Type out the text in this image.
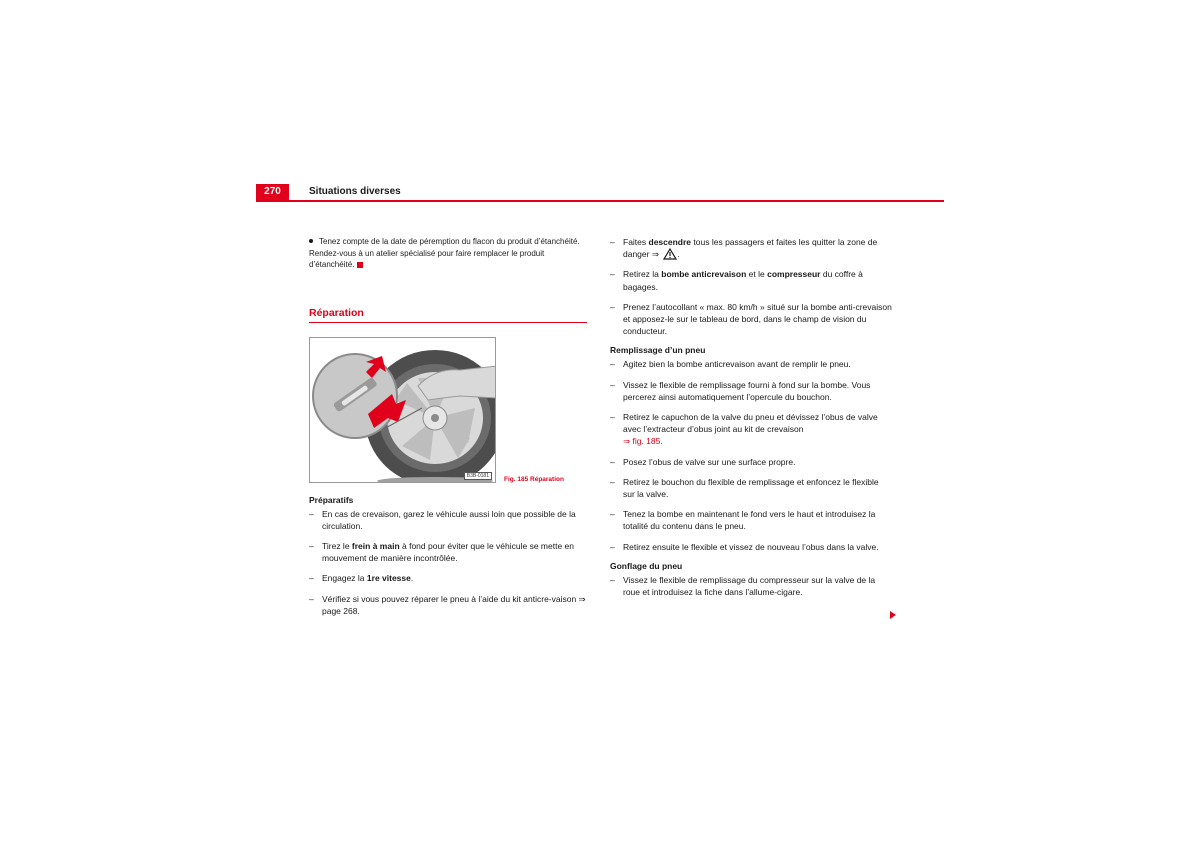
270	Situations diverses

Tenez compte de la date de péremption du flacon du produit d’étanchéité. Rendez-vous à un atelier spécialisé pour faire remplacer le produit d’étanchéité.

Réparation
B3B-0181	Fig. 185 Réparation

Préparatifs

– En cas de crevaison, garez le véhicule aussi loin que possible de la circulation.
– Tirez le frein à main à fond pour éviter que le véhicule se mette en mouvement de manière incontrôlée.
– Engagez la 1re vitesse.
– Vérifiez si vous pouvez réparer le pneu à l’aide du kit anticre-vaison ⇒ page 268.
– Faites descendre tous les passagers et faites les quitter la zone de danger ⇒ .
– Retirez la bombe anticrevaison et le compresseur du coffre à bagages.
– Prenez l’autocollant « max. 80 km/h » situé sur la bombe anti-crevaison et apposez-le sur le tableau de bord, dans le champ de vision du conducteur.

Remplissage d’un pneu

– Agitez bien la bombe anticrevaison avant de remplir le pneu.
– Vissez le flexible de remplissage fourni à fond sur la bombe. Vous percerez ainsi automatiquement l’opercule du bouchon.
– Retirez le capuchon de la valve du pneu et dévissez l’obus de valve avec l’extracteur d’obus joint au kit de crevaison
⇒ fig. 185.
– Posez l’obus de valve sur une surface propre.
– Retirez le bouchon du flexible de remplissage et enfoncez le flexible sur la valve.
– Tenez la bombe en maintenant le fond vers le haut et introduisez la totalité du contenu dans le pneu.
– Retirez ensuite le flexible et vissez de nouveau l’obus dans la valve.

Gonflage du pneu

– Vissez le flexible de remplissage du compresseur sur la valve de la roue et introduisez la fiche dans l’allume-cigare.
